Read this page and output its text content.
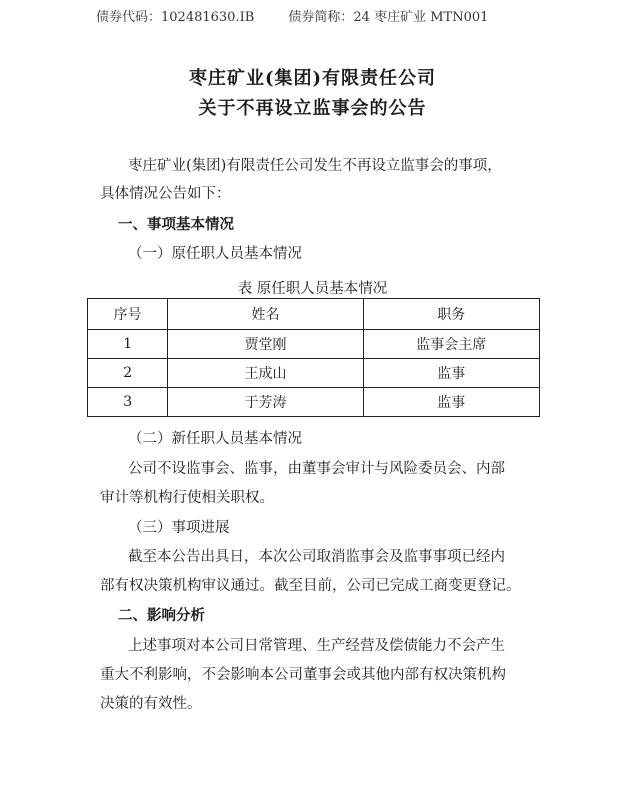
债券代码：102481630.IB	债券简称：24 枣庄矿业 MTN001
枣庄矿业(集团)有限责任公司
关于不再设立监事会的公告
枣庄矿业(集团)有限责任公司发生不再设立监事会的事项，
具体情况公告如下：
一、事项基本情况
（一）原任职人员基本情况
表 原任职人员基本情况
序号	姓名	职务
1	贾堂刚	监事会主席
2	王成山	监事
3	于芳涛	监事
（二）新任职人员基本情况
公司不设监事会、监事，由董事会审计与风险委员会、内部
审计等机构行使相关职权。
（三）事项进展
截至本公告出具日，本次公司取消监事会及监事事项已经内
部有权决策机构审议通过。截至目前，公司已完成工商变更登记。
二、影响分析
上述事项对本公司日常管理、生产经营及偿债能力不会产生
重大不利影响，不会影响本公司董事会或其他内部有权决策机构
决策的有效性。
